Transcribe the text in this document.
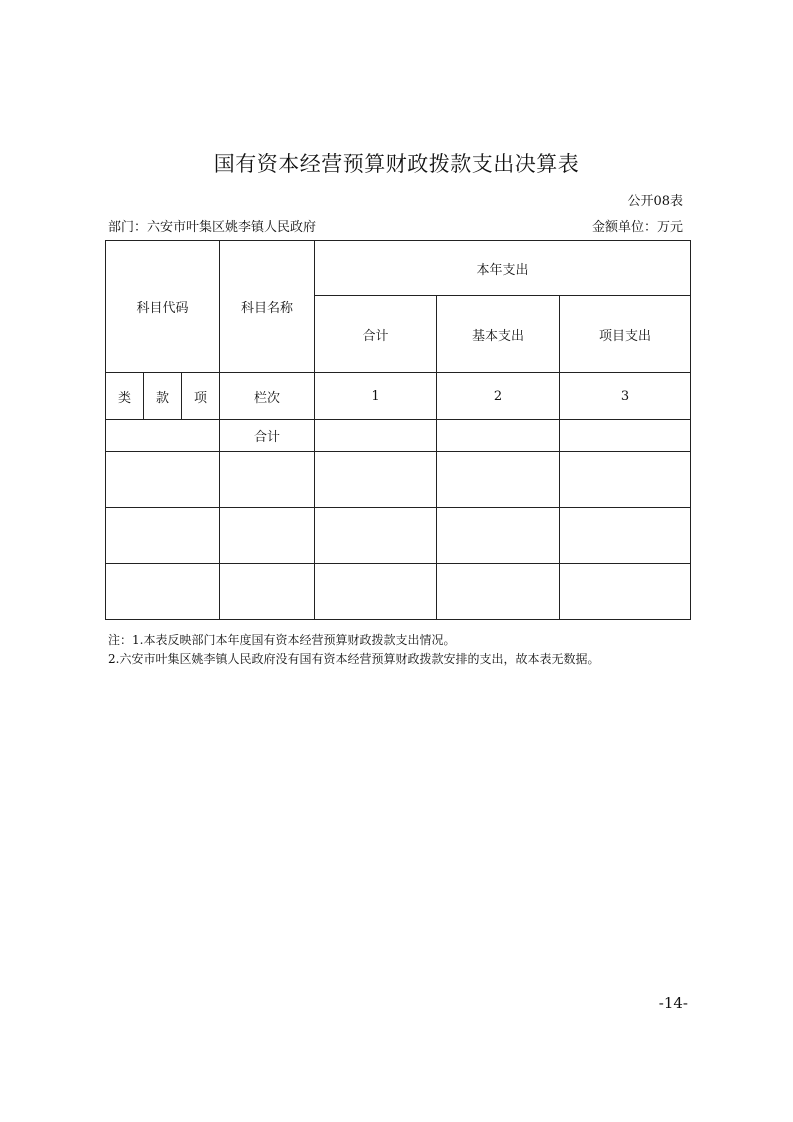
国有资本经营预算财政拨款支出决算表
公开08表
部门：六安市叶集区姚李镇人民政府	金额单位：万元
科目代码			科目名称	本年支出		
				合计	基本支出	项目支出
类	款	项	栏次	1	2	3
			合计			

注：1.本表反映部门本年度国有资本经营预算财政拨款支出情况。
2.六安市叶集区姚李镇人民政府没有国有资本经营预算财政拨款安排的支出，故本表无数据。
-14-
